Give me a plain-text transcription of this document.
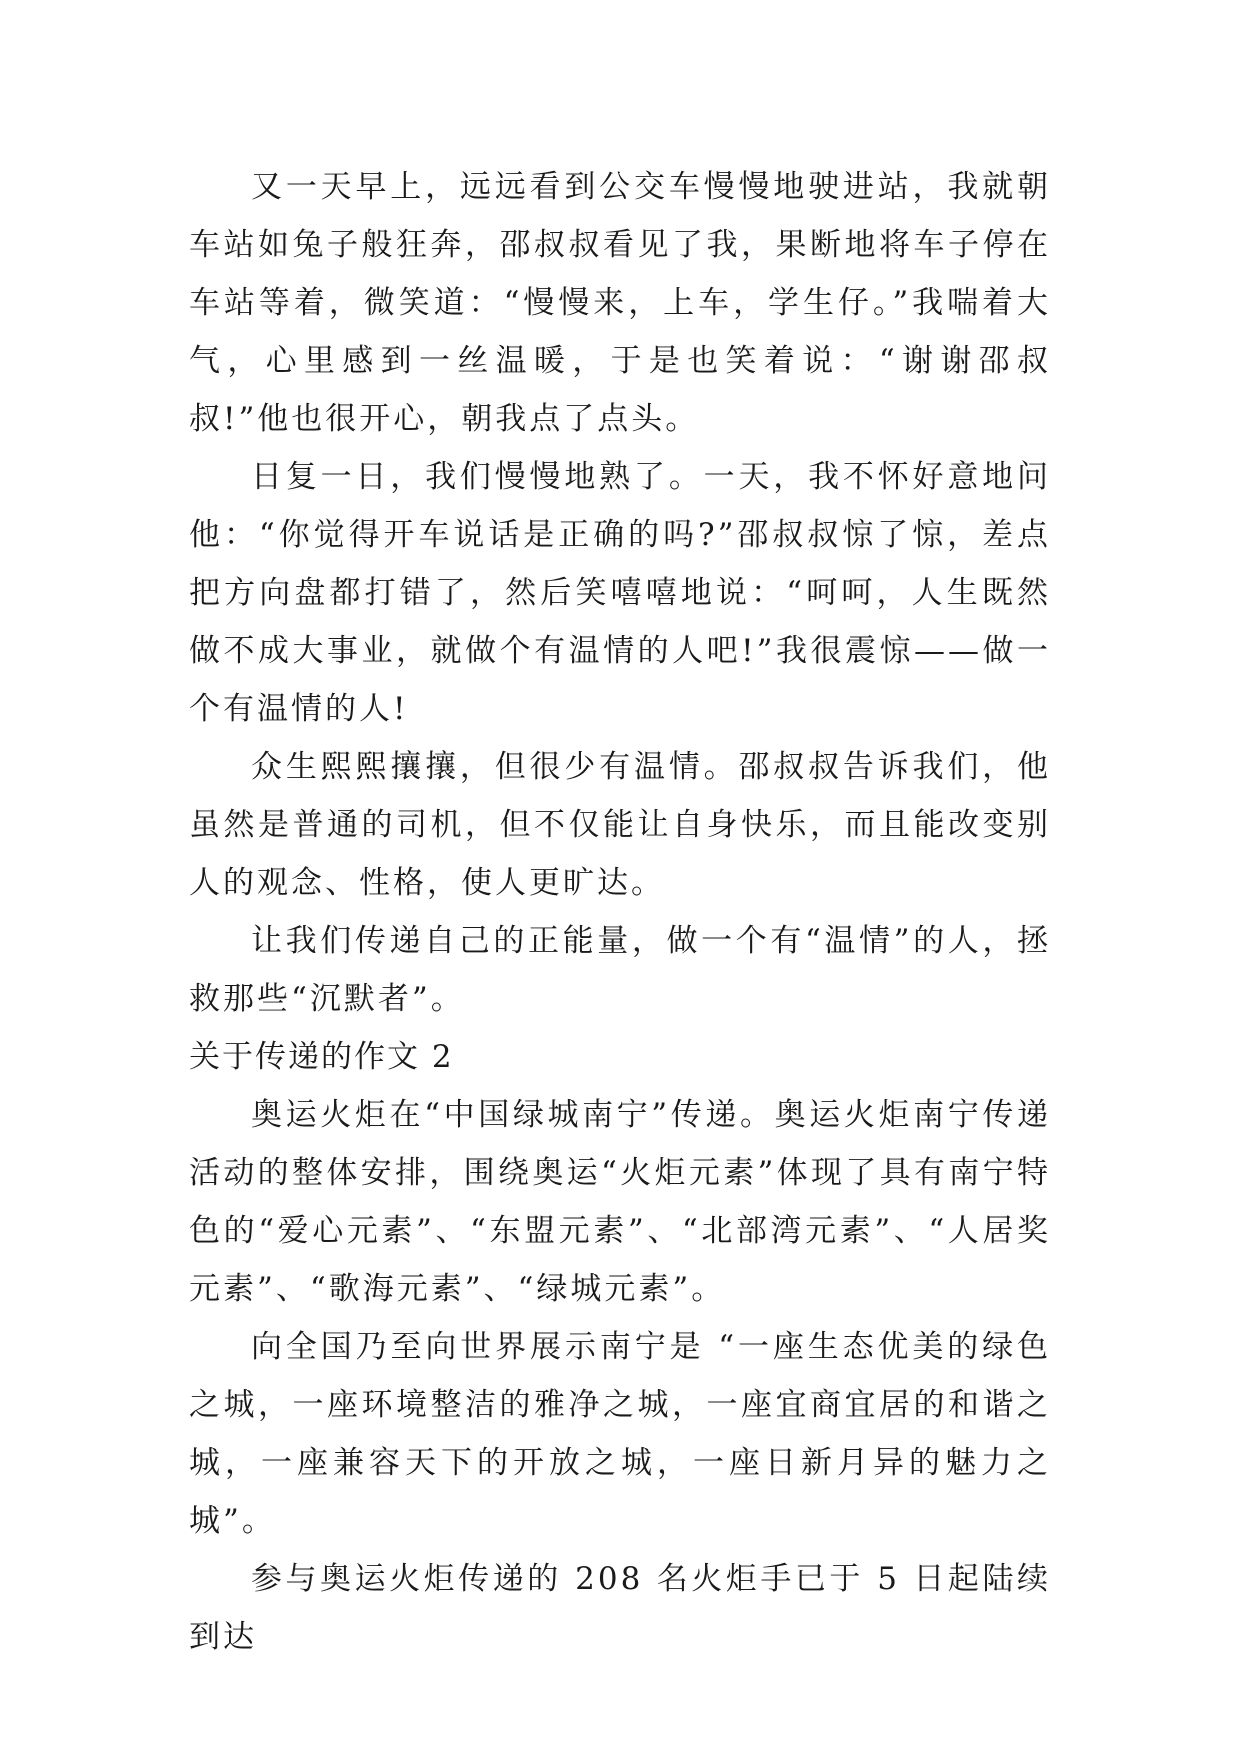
又一天早上，远远看到公交车慢慢地驶进站，我就朝车站如兔子般狂奔，邵叔叔看见了我，果断地将车子停在车站等着，微笑道：“慢慢来，上车，学生仔。”我喘着大气，心里感到一丝温暖，于是也笑着说：“谢谢邵叔叔!”他也很开心，朝我点了点头。

日复一日，我们慢慢地熟了。一天，我不怀好意地问他：“你觉得开车说话是正确的吗?”邵叔叔惊了惊，差点把方向盘都打错了，然后笑嘻嘻地说：“呵呵，人生既然做不成大事业，就做个有温情的人吧!”我很震惊——做一个有温情的人!

众生熙熙攘攘，但很少有温情。邵叔叔告诉我们，他虽然是普通的司机，但不仅能让自身快乐，而且能改变别人的观念、性格，使人更旷达。

让我们传递自己的正能量，做一个有“温情”的人，拯救那些“沉默者”。

关于传递的作文 2

奥运火炬在“中国绿城南宁”传递。奥运火炬南宁传递活动的整体安排，围绕奥运“火炬元素”体现了具有南宁特色的“爱心元素”、“东盟元素”、“北部湾元素”、“人居奖元素”、“歌海元素”、“绿城元素”。

向全国乃至向世界展示南宁是 “一座生态优美的绿色之城，一座环境整洁的雅净之城，一座宜商宜居的和谐之城，一座兼容天下的开放之城，一座日新月异的魅力之城”。

参与奥运火炬传递的 208 名火炬手已于 5 日起陆续到达
